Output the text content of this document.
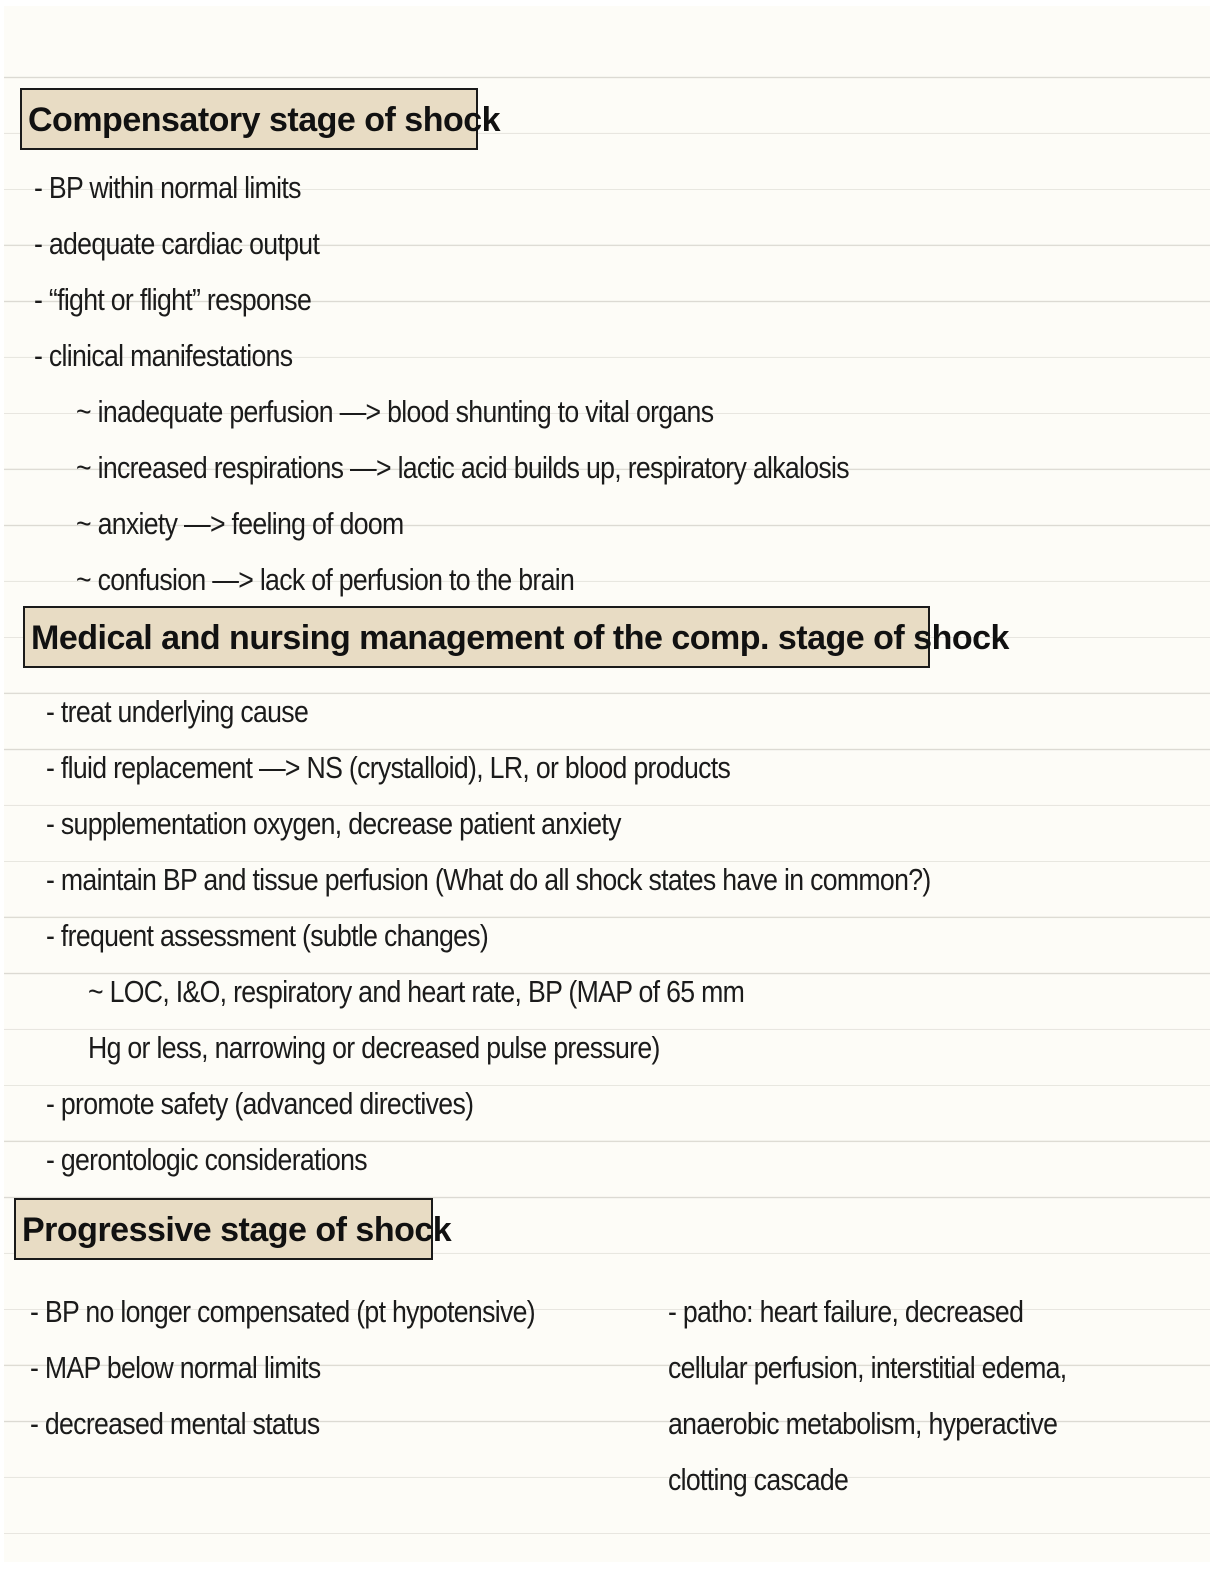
Compensatory stage of shock
- BP within normal limits
- adequate cardiac output
- “fight or flight” response
- clinical manifestations
~ inadequate perfusion —> blood shunting to vital organs
~ increased respirations —> lactic acid builds up, respiratory alkalosis
~ anxiety —> feeling of doom
~ confusion —> lack of perfusion to the brain
Medical and nursing management of the comp. stage of shock
- treat underlying cause
- fluid replacement —> NS (crystalloid), LR, or blood products
- supplementation oxygen, decrease patient anxiety
- maintain BP and tissue perfusion (What do all shock states have in common?)
- frequent assessment (subtle changes)
~ LOC, I&O, respiratory and heart rate, BP (MAP of 65 mm
Hg or less, narrowing or decreased pulse pressure)
- promote safety (advanced directives)
- gerontologic considerations
Progressive stage of shock
- BP no longer compensated (pt hypotensive)
- MAP below normal limits
- decreased mental status
- patho: heart failure, decreased
cellular perfusion, interstitial edema,
anaerobic metabolism, hyperactive
clotting cascade
